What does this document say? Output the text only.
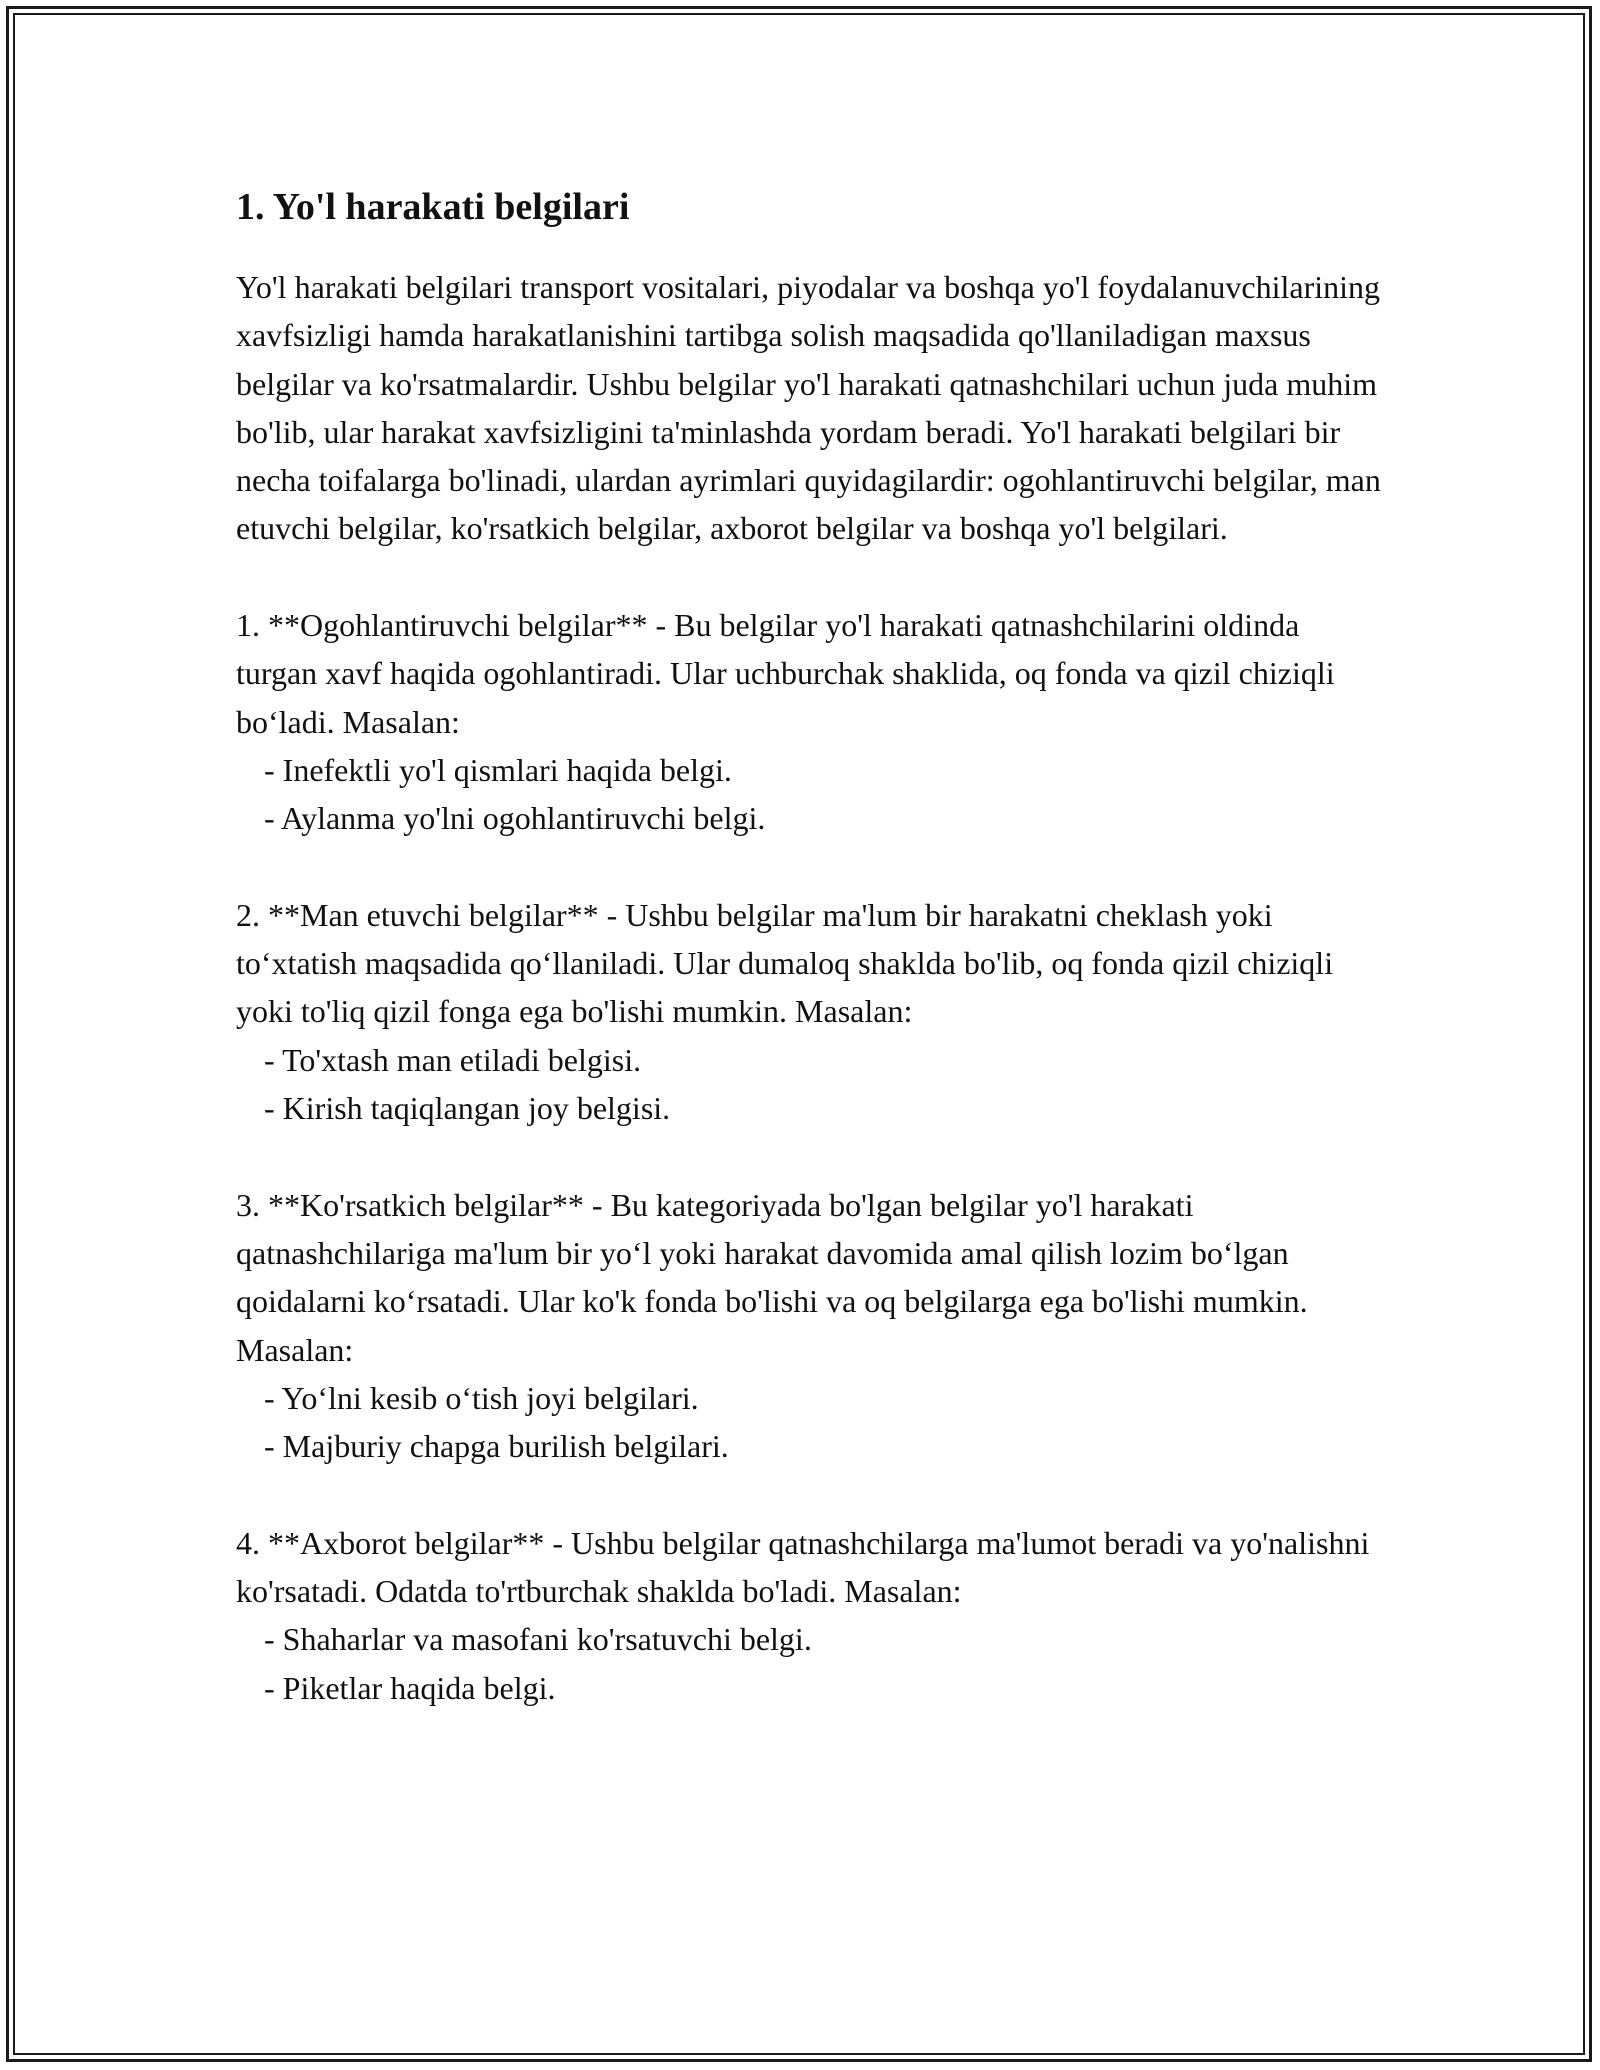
1. Yo'l harakati belgilari

Yo'l harakati belgilari transport vositalari, piyodalar va boshqa yo'l foydalanuvchilarining xavfsizligi hamda harakatlanishini tartibga solish maqsadida qo'llaniladigan maxsus belgilar va ko'rsatmalardir. Ushbu belgilar yo'l harakati qatnashchilari uchun juda muhim bo'lib, ular harakat xavfsizligini ta'minlashda yordam beradi. Yo'l harakati belgilari bir necha toifalarga bo'linadi, ulardan ayrimlari quyidagilardir: ogohlantiruvchi belgilar, man etuvchi belgilar, ko'rsatkich belgilar, axborot belgilar va boshqa yo'l belgilari.

1. **Ogohlantiruvchi belgilar** - Bu belgilar yo'l harakati qatnashchilarini oldinda turgan xavf haqida ogohlantiradi. Ular uchburchak shaklida, oq fonda va qizil chiziqli bo‘ladi. Masalan:

- Inefektli yo'l qismlari haqida belgi.

- Aylanma yo'lni ogohlantiruvchi belgi.

2. **Man etuvchi belgilar** - Ushbu belgilar ma'lum bir harakatni cheklash yoki to‘xtatish maqsadida qo‘llaniladi. Ular dumaloq shakldа bo'lib, oq fonda qizil chiziqli yoki to'liq qizil fonga ega bo'lishi mumkin. Masalan:

- To'xtash man etiladi belgisi.

- Kirish taqiqlangan joy belgisi.

3. **Ko'rsatkich belgilar** - Bu kategoriyada bo'lgan belgilar yo'l harakati qatnashchilariga ma'lum bir yo‘l yoki harakat davomida amal qilish lozim bo‘lgan qoidalarni ko‘rsatadi. Ular ko'k fonda bo'lishi va oq belgilarga ega bo'lishi mumkin. Masalan:

- Yo‘lni kesib o‘tish joyi belgilari.

- Majburiy chapga burilish belgilari.

4. **Axborot belgilar** - Ushbu belgilar qatnashchilarga ma'lumot beradi va yo'nalishni ko'rsatadi. Odatda to'rtburchak shaklda bo'ladi. Masalan:

- Shaharlar va masofani ko'rsatuvchi belgi.

- Piketlar haqida belgi.
